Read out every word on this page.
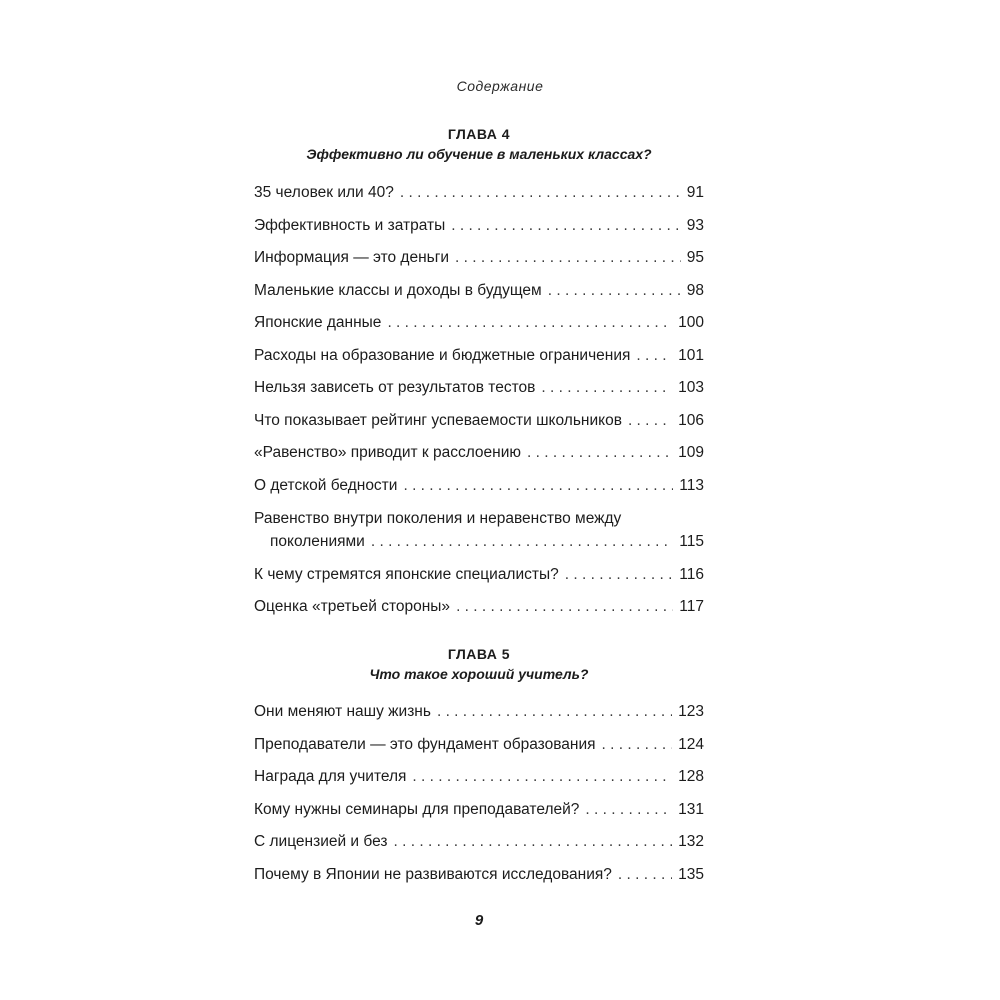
Содержание
ГЛАВА 4
Эффективно ли обучение в маленьких классах?
35 человек или 40? . . .	91
Эффективность и затраты . . .	93
Информация — это деньги . . .	95
Маленькие классы и доходы в будущем . . .	98
Японские данные . . .	100
Расходы на образование и бюджетные ограничения . . .	101
Нельзя зависеть от результатов тестов . . .	103
Что показывает рейтинг успеваемости школьников . . .	106
«Равенство» приводит к расслоению . . .	109
О детской бедности . . .	113
Равенство внутри поколения и неравенство между
поколениями . . .	115
К чему стремятся японские специалисты? . . .	116
Оценка «третьей стороны» . . .	117
ГЛАВА 5
Что такое хороший учитель?
Они меняют нашу жизнь . . .	123
Преподаватели — это фундамент образования . . .	124
Награда для учителя . . .	128
Кому нужны семинары для преподавателей? . . .	131
С лицензией и без . . .	132
Почему в Японии не развиваются исследования? . . .	135
9
